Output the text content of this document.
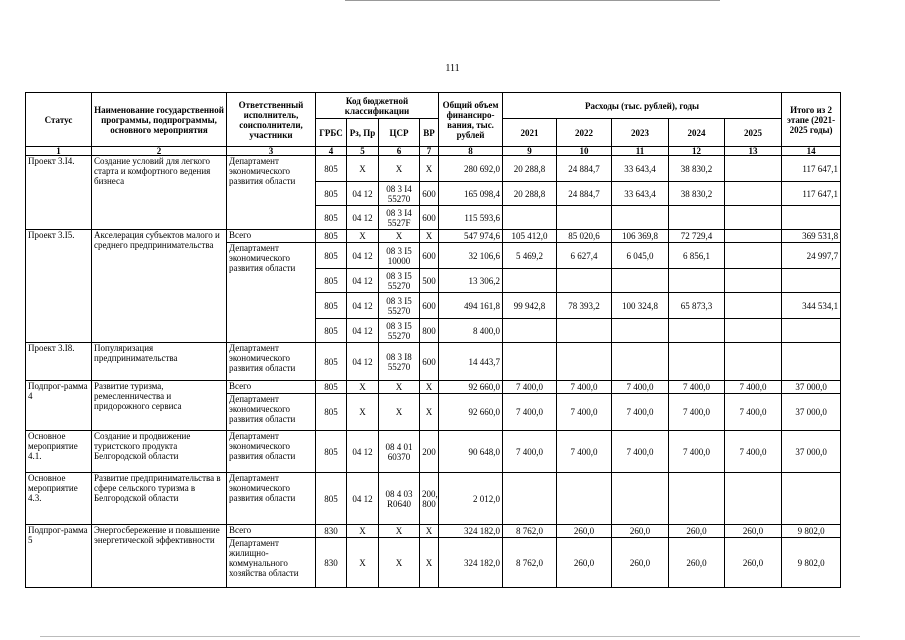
111
Статус	Наименование государственной программы, подпрограммы, основного мероприятия	Ответственный исполнитель, соисполнители, участники	Код бюджетной классификации				Общий объем финансиро-вания, тыс. рублей	Расходы (тыс. рублей), годы					Итого из 2 этапе (2021-2025 годы)
			ГРБС	Рз, Пр	ЦСР	ВР		2021	2022	2023	2024	2025	
1	2	3	4	5	6	7	8	9	10	11	12	13	14
Проект 3.I4.	Создание условий для легкого старта и комфортного ведения бизнеса	Департамент экономического развития области	805	X	X	X	280 692,0	20 288,8	24 884,7	33 643,4	38 830,2		117 647,1
			805	04 12	08 3 I4 55270	600	165 098,4	20 288,8	24 884,7	33 643,4	38 830,2		117 647,1
			805	04 12	08 3 I4 5527F	600	115 593,6						
Проект 3.I5.	Акселерация субъектов малого и среднего предпринимательства	Всего	805	X	X	X	547 974,6	105 412,0	85 020,6	106 369,8	72 729,4		369 531,8
		Департамент экономического развития области	805	04 12	08 3 I5 10000	600	32 106,6	5 469,2	6 627,4	6 045,0	6 856,1		24 997,7
			805	04 12	08 3 I5 55270	500	13 306,2						
			805	04 12	08 3 I5 55270	600	494 161,8	99 942,8	78 393,2	100 324,8	65 873,3		344 534,1
			805	04 12	08 3 I5 55270	800	8 400,0						
Проект 3.I8.	Популяризация предпринимательства	Департамент экономического развития области	805	04 12	08 3 I8 55270	600	14 443,7						
Подпрог-рамма 4	Развитие туризма, ремесленничества и придорожного сервиса	Всего	805	X	X	X	92 660,0	7 400,0	7 400,0	7 400,0	7 400,0	7 400,0	37 000,0
		Департамент экономического развития области	805	X	X	X	92 660,0	7 400,0	7 400,0	7 400,0	7 400,0	7 400,0	37 000,0
Основное мероприятие 4.1.	Создание и продвижение туристского продукта Белгородской области	Департамент экономического развития области	805	04 12	08 4 01 60370	200	90 648,0	7 400,0	7 400,0	7 400,0	7 400,0	7 400,0	37 000,0
Основное мероприятие 4.3.	Развитие предпринимательства в сфере сельского туризма в Белгородской области	Департамент экономического развития области	805	04 12	08 4 03 R0640	200, 800	2 012,0						
Подпрог-рамма 5	Энергосбережение и повышение энергетической эффективности	Всего	830	X	X	X	324 182,0	8 762,0	260,0	260,0	260,0	260,0	9 802,0
		Департамент жилищно-коммунального хозяйства области	830	X	X	X	324 182,0	8 762,0	260,0	260,0	260,0	260,0	9 802,0
